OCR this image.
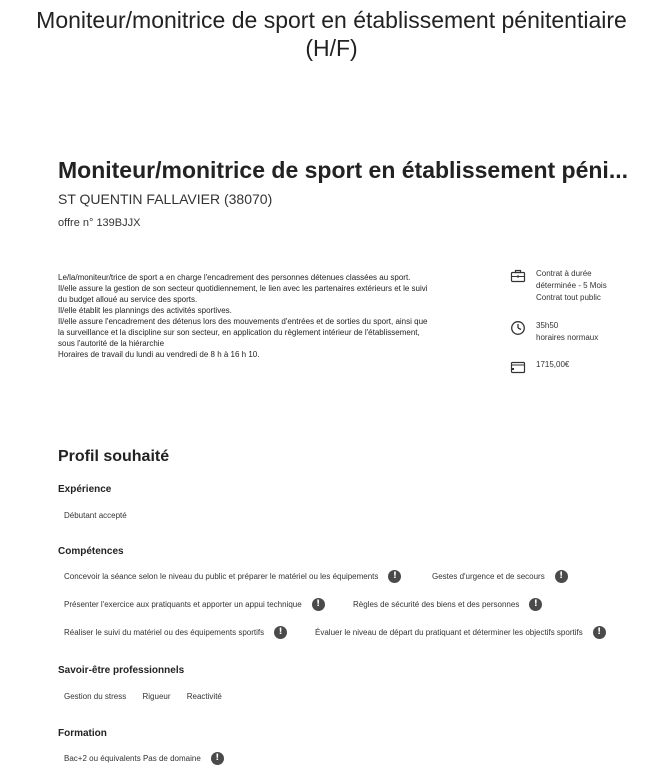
Moniteur/monitrice de sport en établissement pénitentiaire
(H/F)
Moniteur/monitrice de sport en établissement péni...
ST QUENTIN FALLAVIER (38070)
offre n° 139BJJX

Le/la/moniteur/trice de sport a en charge l'encadrement des personnes détenues classées au sport.

Il/elle assure la gestion de son secteur quotidiennement, le lien avec les partenaires extérieurs et le suivi

du budget alloué au service des sports.

Il/elle établit les plannings des activités sportives.

Il/elle assure l'encadrement des détenus lors des mouvements d'entrées et de sorties du sport, ainsi que

la surveillance et la discipline sur son secteur, en application du règlement intérieur de l'établissement,

sous l'autorité de la hiérarchie

Horaires de travail du lundi au vendredi de 8 h à 16 h 10.

Contrat à durée
déterminée - 5 Mois
Contrat tout public
35h50
horaires normaux
1715,00€
Profil souhaité
Expérience
Débutant accepté
Compétences
Concevoir la séance selon le niveau du public et préparer le matériel ou les équipements	!	Gestes d'urgence et de secours	!
Présenter l'exercice aux pratiquants et apporter un appui technique	!	Règles de sécurité des biens et des personnes	!
Réaliser le suivi du matériel ou des équipements sportifs	!	Évaluer le niveau de départ du pratiquant et déterminer les objectifs sportifs	!
Savoir-être professionnels
Gestion du stress Rigueur Reactivité
Formation
Bac+2 ou équivalents Pas de domaine	!
